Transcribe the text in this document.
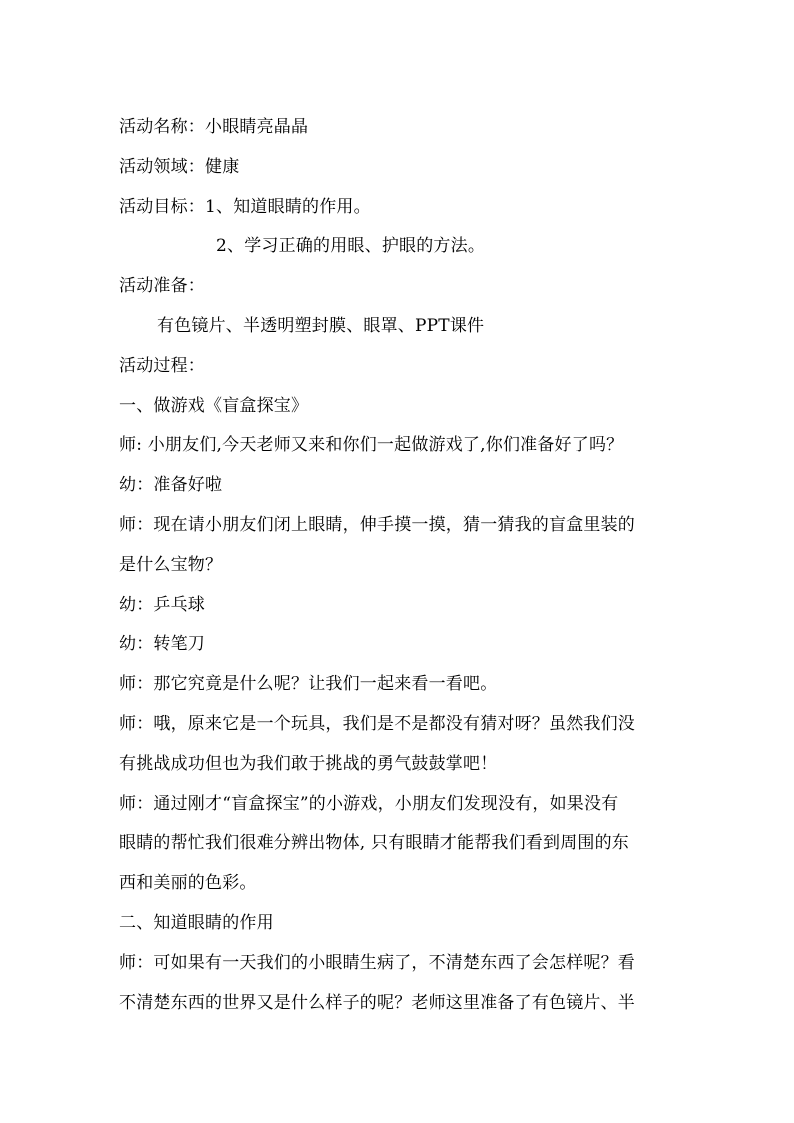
活动名称：小眼睛亮晶晶
活动领域：健康
活动目标：1、知道眼睛的作用。
2、学习正确的用眼、护眼的方法。
活动准备：
有色镜片、半透明塑封膜、眼罩、PPT课件
活动过程：
一、做游戏《盲盒探宝》
师: 小朋友们,今天老师又来和你们一起做游戏了,你们准备好了吗？
幼：准备好啦
师：现在请小朋友们闭上眼睛，伸手摸一摸，猜一猜我的盲盒里装的
是什么宝物？
幼：乒乓球
幼：转笔刀
师：那它究竟是什么呢？让我们一起来看一看吧。
师：哦，原来它是一个玩具，我们是不是都没有猜对呀？虽然我们没
有挑战成功但也为我们敢于挑战的勇气鼓鼓掌吧！
师：通过刚才“盲盒探宝”的小游戏，小朋友们发现没有，如果没有
眼睛的帮忙我们很难分辨出物体, 只有眼睛才能帮我们看到周围的东
西和美丽的色彩。
二、知道眼睛的作用
师：可如果有一天我们的小眼睛生病了，不清楚东西了会怎样呢？看
不清楚东西的世界又是什么样子的呢？老师这里准备了有色镜片、半
